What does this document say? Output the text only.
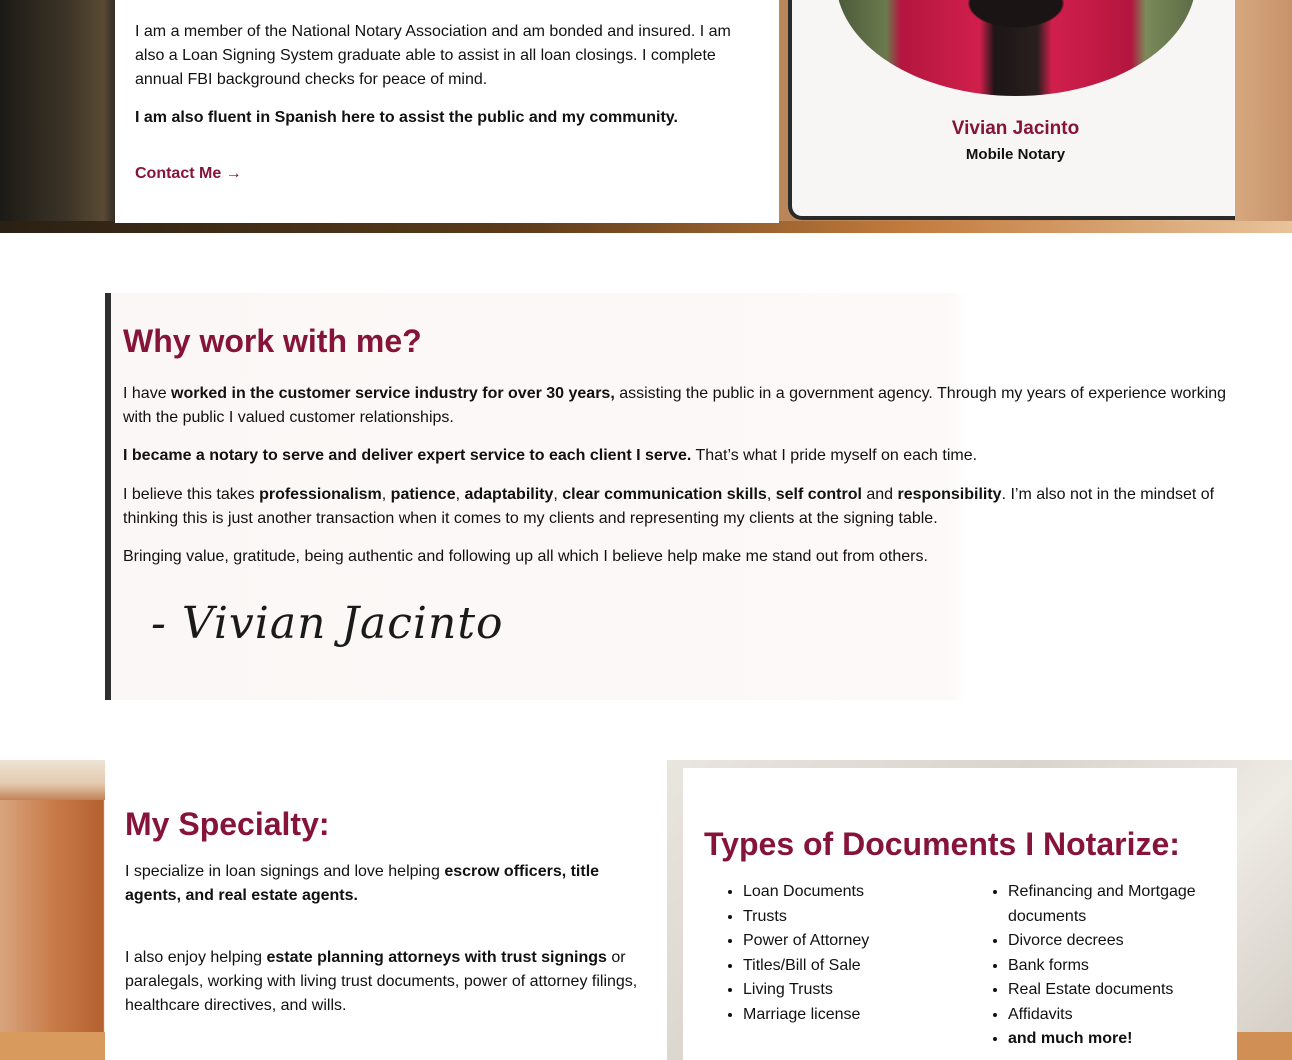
I am a member of the National Notary Association and am bonded and insured. I am also a Loan Signing System graduate able to assist in all loan closings. I complete annual FBI background checks for peace of mind.

I am also fluent in Spanish here to assist the public and my community.

Contact Me →
Vivian Jacinto
Mobile Notary
Why work with me?

I have worked in the customer service industry for over 30 years, assisting the public in a government agency. Through my years of experience working with the public I valued customer relationships.

I became a notary to serve and deliver expert service to each client I serve. That’s what I pride myself on each time.

I believe this takes professionalism, patience, adaptability, clear communication skills, self control and responsibility. I’m also not in the mindset of thinking this is just another transaction when it comes to my clients and representing my clients at the signing table.

Bringing value, gratitude, being authentic and following up all which I believe help make me stand out from others.

- Vivian Jacinto
My Specialty:

I specialize in loan signings and love helping escrow officers, title agents, and real estate agents.

I also enjoy helping estate planning attorneys with trust signings or paralegals, working with living trust documents, power of attorney filings, healthcare directives, and wills.

Types of Documents I Notarize:
• Loan Documents
• Trusts
• Power of Attorney
• Titles/Bill of Sale
• Living Trusts
• Marriage license
• Refinancing and Mortgage documents
• Divorce decrees
• Bank forms
• Real Estate documents
• Affidavits
• and much more!
